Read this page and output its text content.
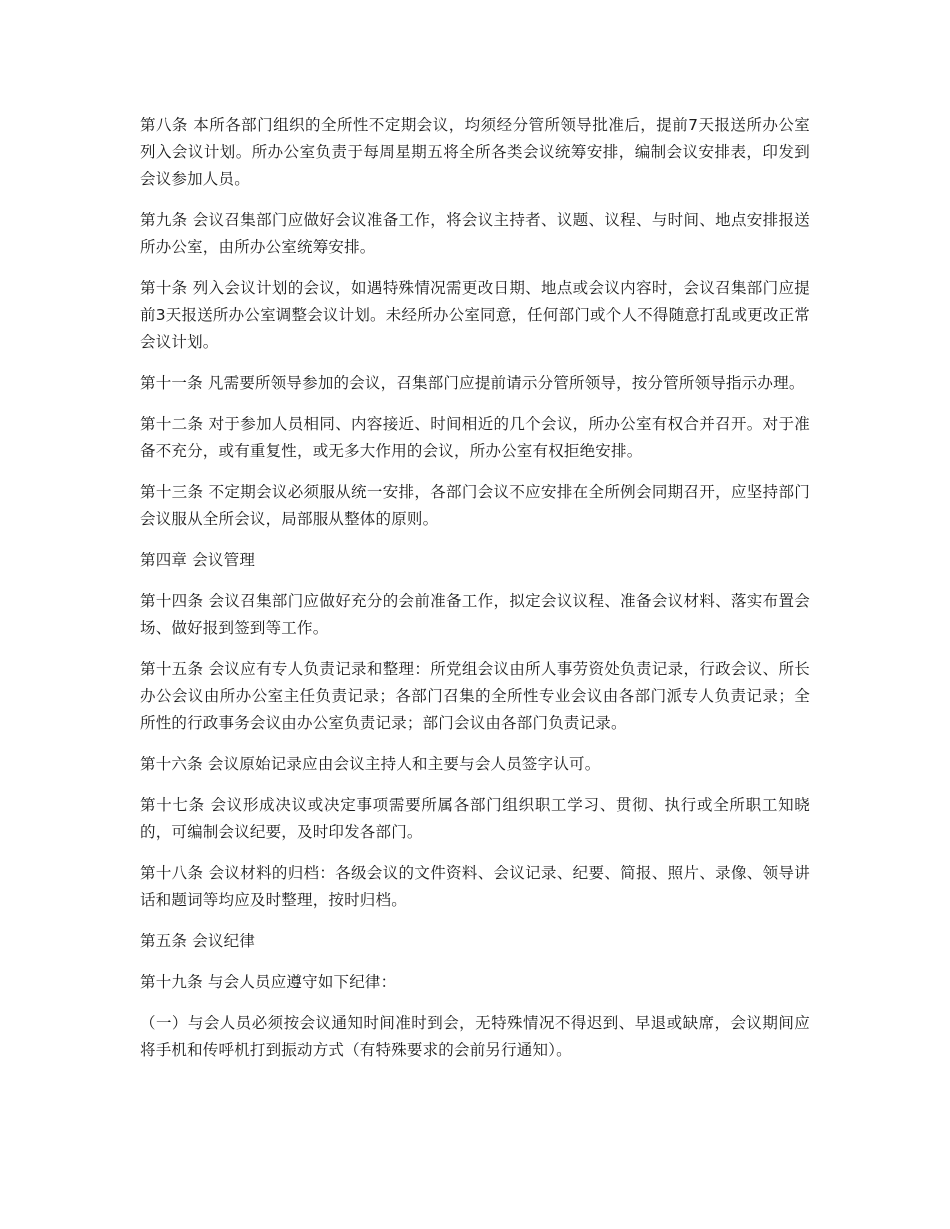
第八条 本所各部门组织的全所性不定期会议，均须经分管所领导批准后，提前7天报送所办公室列入会议计划。所办公室负责于每周星期五将全所各类会议统筹安排，编制会议安排表，印发到会议参加人员。

第九条 会议召集部门应做好会议准备工作，将会议主持者、议题、议程、与时间、地点安排报送所办公室，由所办公室统筹安排。

第十条 列入会议计划的会议，如遇特殊情况需更改日期、地点或会议内容时，会议召集部门应提前3天报送所办公室调整会议计划。未经所办公室同意，任何部门或个人不得随意打乱或更改正常会议计划。

第十一条 凡需要所领导参加的会议，召集部门应提前请示分管所领导，按分管所领导指示办理。

第十二条 对于参加人员相同、内容接近、时间相近的几个会议，所办公室有权合并召开。对于准备不充分，或有重复性，或无多大作用的会议，所办公室有权拒绝安排。

第十三条 不定期会议必须服从统一安排，各部门会议不应安排在全所例会同期召开，应坚持部门会议服从全所会议，局部服从整体的原则。

第四章 会议管理

第十四条 会议召集部门应做好充分的会前准备工作，拟定会议议程、准备会议材料、落实布置会场、做好报到签到等工作。

第十五条 会议应有专人负责记录和整理：所党组会议由所人事劳资处负责记录，行政会议、所长办公会议由所办公室主任负责记录；各部门召集的全所性专业会议由各部门派专人负责记录；全所性的行政事务会议由办公室负责记录；部门会议由各部门负责记录。

第十六条 会议原始记录应由会议主持人和主要与会人员签字认可。

第十七条 会议形成决议或决定事项需要所属各部门组织职工学习、贯彻、执行或全所职工知晓的，可编制会议纪要，及时印发各部门。

第十八条 会议材料的归档：各级会议的文件资料、会议记录、纪要、简报、照片、录像、领导讲话和题词等均应及时整理，按时归档。

第五条 会议纪律

第十九条 与会人员应遵守如下纪律：

（一）与会人员必须按会议通知时间准时到会，无特殊情况不得迟到、早退或缺席，会议期间应将手机和传呼机打到振动方式（有特殊要求的会前另行通知）。
